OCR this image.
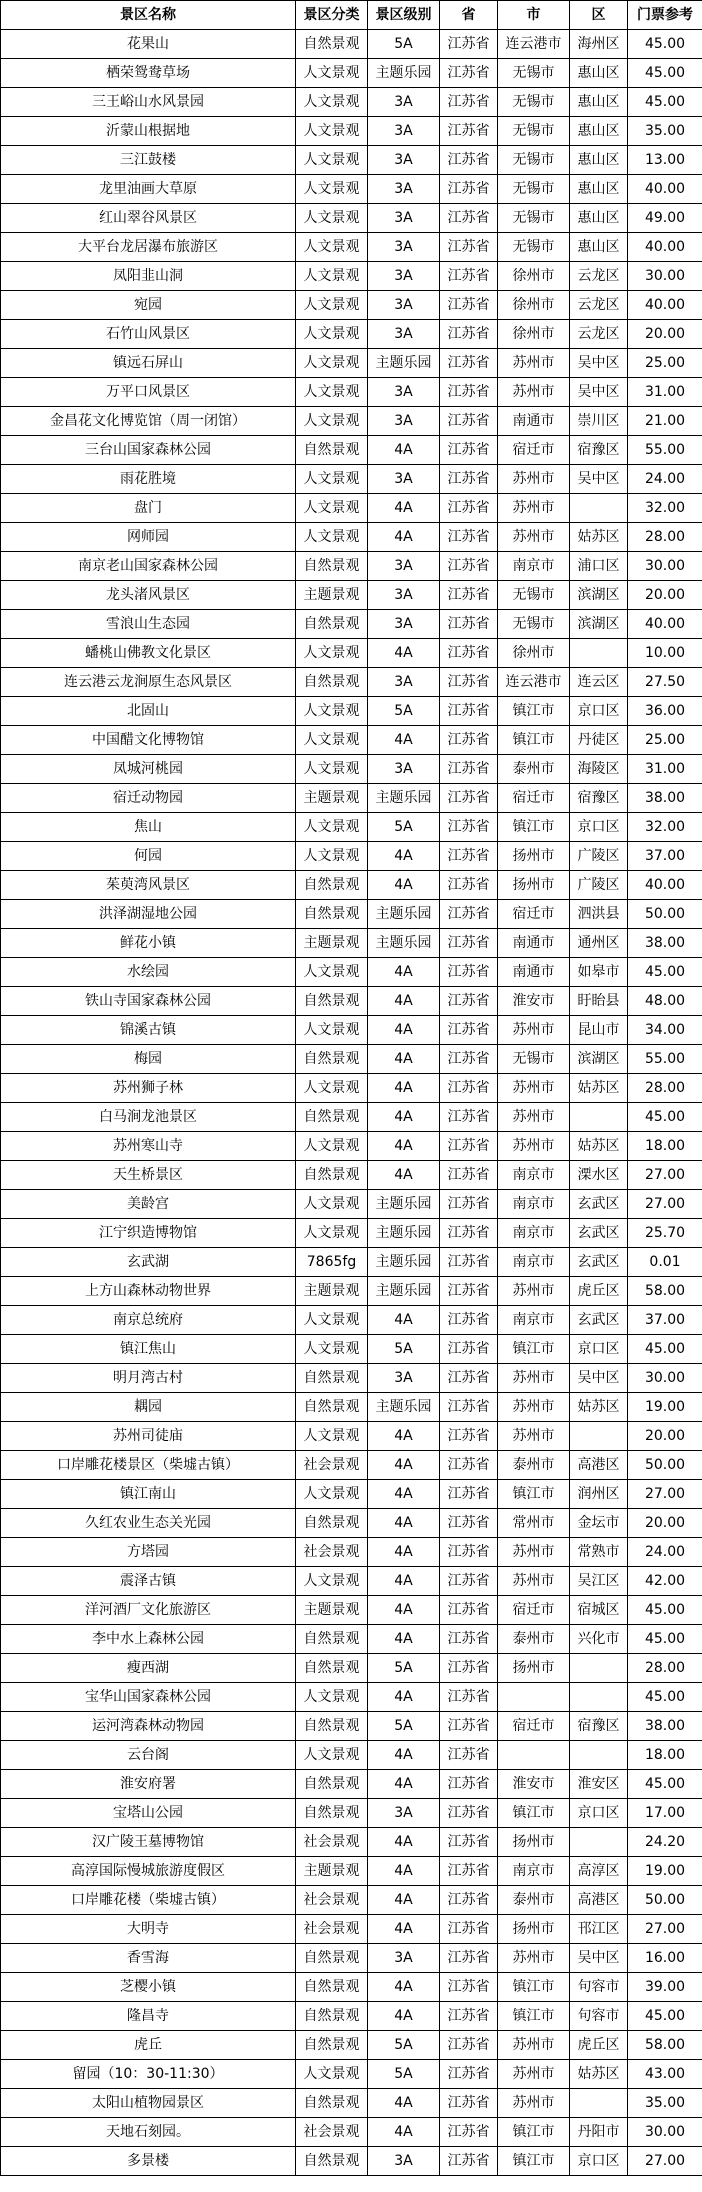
景区名称	景区分类	景区级别	省	市	区	门票参考
花果山	自然景观	5A	江苏省	连云港市	海州区	45.00
栖荣鸳鸯草场	人文景观	主题乐园	江苏省	无锡市	惠山区	45.00
三王峪山水风景园	人文景观	3A	江苏省	无锡市	惠山区	45.00
沂蒙山根据地	人文景观	3A	江苏省	无锡市	惠山区	35.00
三江鼓楼	人文景观	3A	江苏省	无锡市	惠山区	13.00
龙里油画大草原	人文景观	3A	江苏省	无锡市	惠山区	40.00
红山翠谷风景区	人文景观	3A	江苏省	无锡市	惠山区	49.00
大平台龙居瀑布旅游区	人文景观	3A	江苏省	无锡市	惠山区	40.00
凤阳韭山洞	人文景观	3A	江苏省	徐州市	云龙区	30.00
宛园	人文景观	3A	江苏省	徐州市	云龙区	40.00
石竹山风景区	人文景观	3A	江苏省	徐州市	云龙区	20.00
镇远石屏山	人文景观	主题乐园	江苏省	苏州市	吴中区	25.00
万平口风景区	人文景观	3A	江苏省	苏州市	吴中区	31.00
金昌花文化博览馆（周一闭馆）	人文景观	3A	江苏省	南通市	崇川区	21.00
三台山国家森林公园	自然景观	4A	江苏省	宿迁市	宿豫区	55.00
雨花胜境	人文景观	3A	江苏省	苏州市	吴中区	24.00
盘门	人文景观	4A	江苏省	苏州市		32.00
网师园	人文景观	4A	江苏省	苏州市	姑苏区	28.00
南京老山国家森林公园	自然景观	3A	江苏省	南京市	浦口区	30.00
龙头渚风景区	主题景观	3A	江苏省	无锡市	滨湖区	20.00
雪浪山生态园	自然景观	3A	江苏省	无锡市	滨湖区	40.00
蟠桃山佛教文化景区	人文景观	4A	江苏省	徐州市		10.00
连云港云龙涧原生态风景区	自然景观	3A	江苏省	连云港市	连云区	27.50
北固山	人文景观	5A	江苏省	镇江市	京口区	36.00
中国醋文化博物馆	人文景观	4A	江苏省	镇江市	丹徒区	25.00
凤城河桃园	人文景观	3A	江苏省	泰州市	海陵区	31.00
宿迁动物园	主题景观	主题乐园	江苏省	宿迁市	宿豫区	38.00
焦山	人文景观	5A	江苏省	镇江市	京口区	32.00
何园	人文景观	4A	江苏省	扬州市	广陵区	37.00
茱萸湾风景区	自然景观	4A	江苏省	扬州市	广陵区	40.00
洪泽湖湿地公园	自然景观	主题乐园	江苏省	宿迁市	泗洪县	50.00
鲜花小镇	主题景观	主题乐园	江苏省	南通市	通州区	38.00
水绘园	人文景观	4A	江苏省	南通市	如皋市	45.00
铁山寺国家森林公园	自然景观	4A	江苏省	淮安市	盱眙县	48.00
锦溪古镇	人文景观	4A	江苏省	苏州市	昆山市	34.00
梅园	自然景观	4A	江苏省	无锡市	滨湖区	55.00
苏州狮子林	人文景观	4A	江苏省	苏州市	姑苏区	28.00
白马涧龙池景区	自然景观	4A	江苏省	苏州市		45.00
苏州寒山寺	人文景观	4A	江苏省	苏州市	姑苏区	18.00
天生桥景区	自然景观	4A	江苏省	南京市	溧水区	27.00
美龄宫	人文景观	主题乐园	江苏省	南京市	玄武区	27.00
江宁织造博物馆	人文景观	主题乐园	江苏省	南京市	玄武区	25.70
玄武湖	7865fg	主题乐园	江苏省	南京市	玄武区	0.01
上方山森林动物世界	主题景观	主题乐园	江苏省	苏州市	虎丘区	58.00
南京总统府	人文景观	4A	江苏省	南京市	玄武区	37.00
镇江焦山	人文景观	5A	江苏省	镇江市	京口区	45.00
明月湾古村	自然景观	3A	江苏省	苏州市	吴中区	30.00
耦园	自然景观	主题乐园	江苏省	苏州市	姑苏区	19.00
苏州司徒庙	人文景观	4A	江苏省	苏州市		20.00
口岸雕花楼景区（柴墟古镇）	社会景观	4A	江苏省	泰州市	高港区	50.00
镇江南山	人文景观	4A	江苏省	镇江市	润州区	27.00
久红农业生态关光园	自然景观	4A	江苏省	常州市	金坛市	20.00
方塔园	社会景观	4A	江苏省	苏州市	常熟市	24.00
震泽古镇	人文景观	4A	江苏省	苏州市	吴江区	42.00
洋河酒厂文化旅游区	主题景观	4A	江苏省	宿迁市	宿城区	45.00
李中水上森林公园	自然景观	4A	江苏省	泰州市	兴化市	45.00
瘦西湖	自然景观	5A	江苏省	扬州市		28.00
宝华山国家森林公园	人文景观	4A	江苏省			45.00
运河湾森林动物园	自然景观	5A	江苏省	宿迁市	宿豫区	38.00
云台阁	人文景观	4A	江苏省			18.00
淮安府署	自然景观	4A	江苏省	淮安市	淮安区	45.00
宝塔山公园	自然景观	3A	江苏省	镇江市	京口区	17.00
汉广陵王墓博物馆	社会景观	4A	江苏省	扬州市		24.20
高淳国际慢城旅游度假区	主题景观	4A	江苏省	南京市	高淳区	19.00
口岸雕花楼（柴墟古镇）	社会景观	4A	江苏省	泰州市	高港区	50.00
大明寺	社会景观	4A	江苏省	扬州市	邗江区	27.00
香雪海	自然景观	3A	江苏省	苏州市	吴中区	16.00
芝樱小镇	自然景观	4A	江苏省	镇江市	句容市	39.00
隆昌寺	自然景观	4A	江苏省	镇江市	句容市	45.00
虎丘	自然景观	5A	江苏省	苏州市	虎丘区	58.00
留园（10：30-11:30）	人文景观	5A	江苏省	苏州市	姑苏区	43.00
太阳山植物园景区	自然景观	4A	江苏省	苏州市		35.00
天地石刻园。	社会景观	4A	江苏省	镇江市	丹阳市	30.00
多景楼	自然景观	3A	江苏省	镇江市	京口区	27.00
